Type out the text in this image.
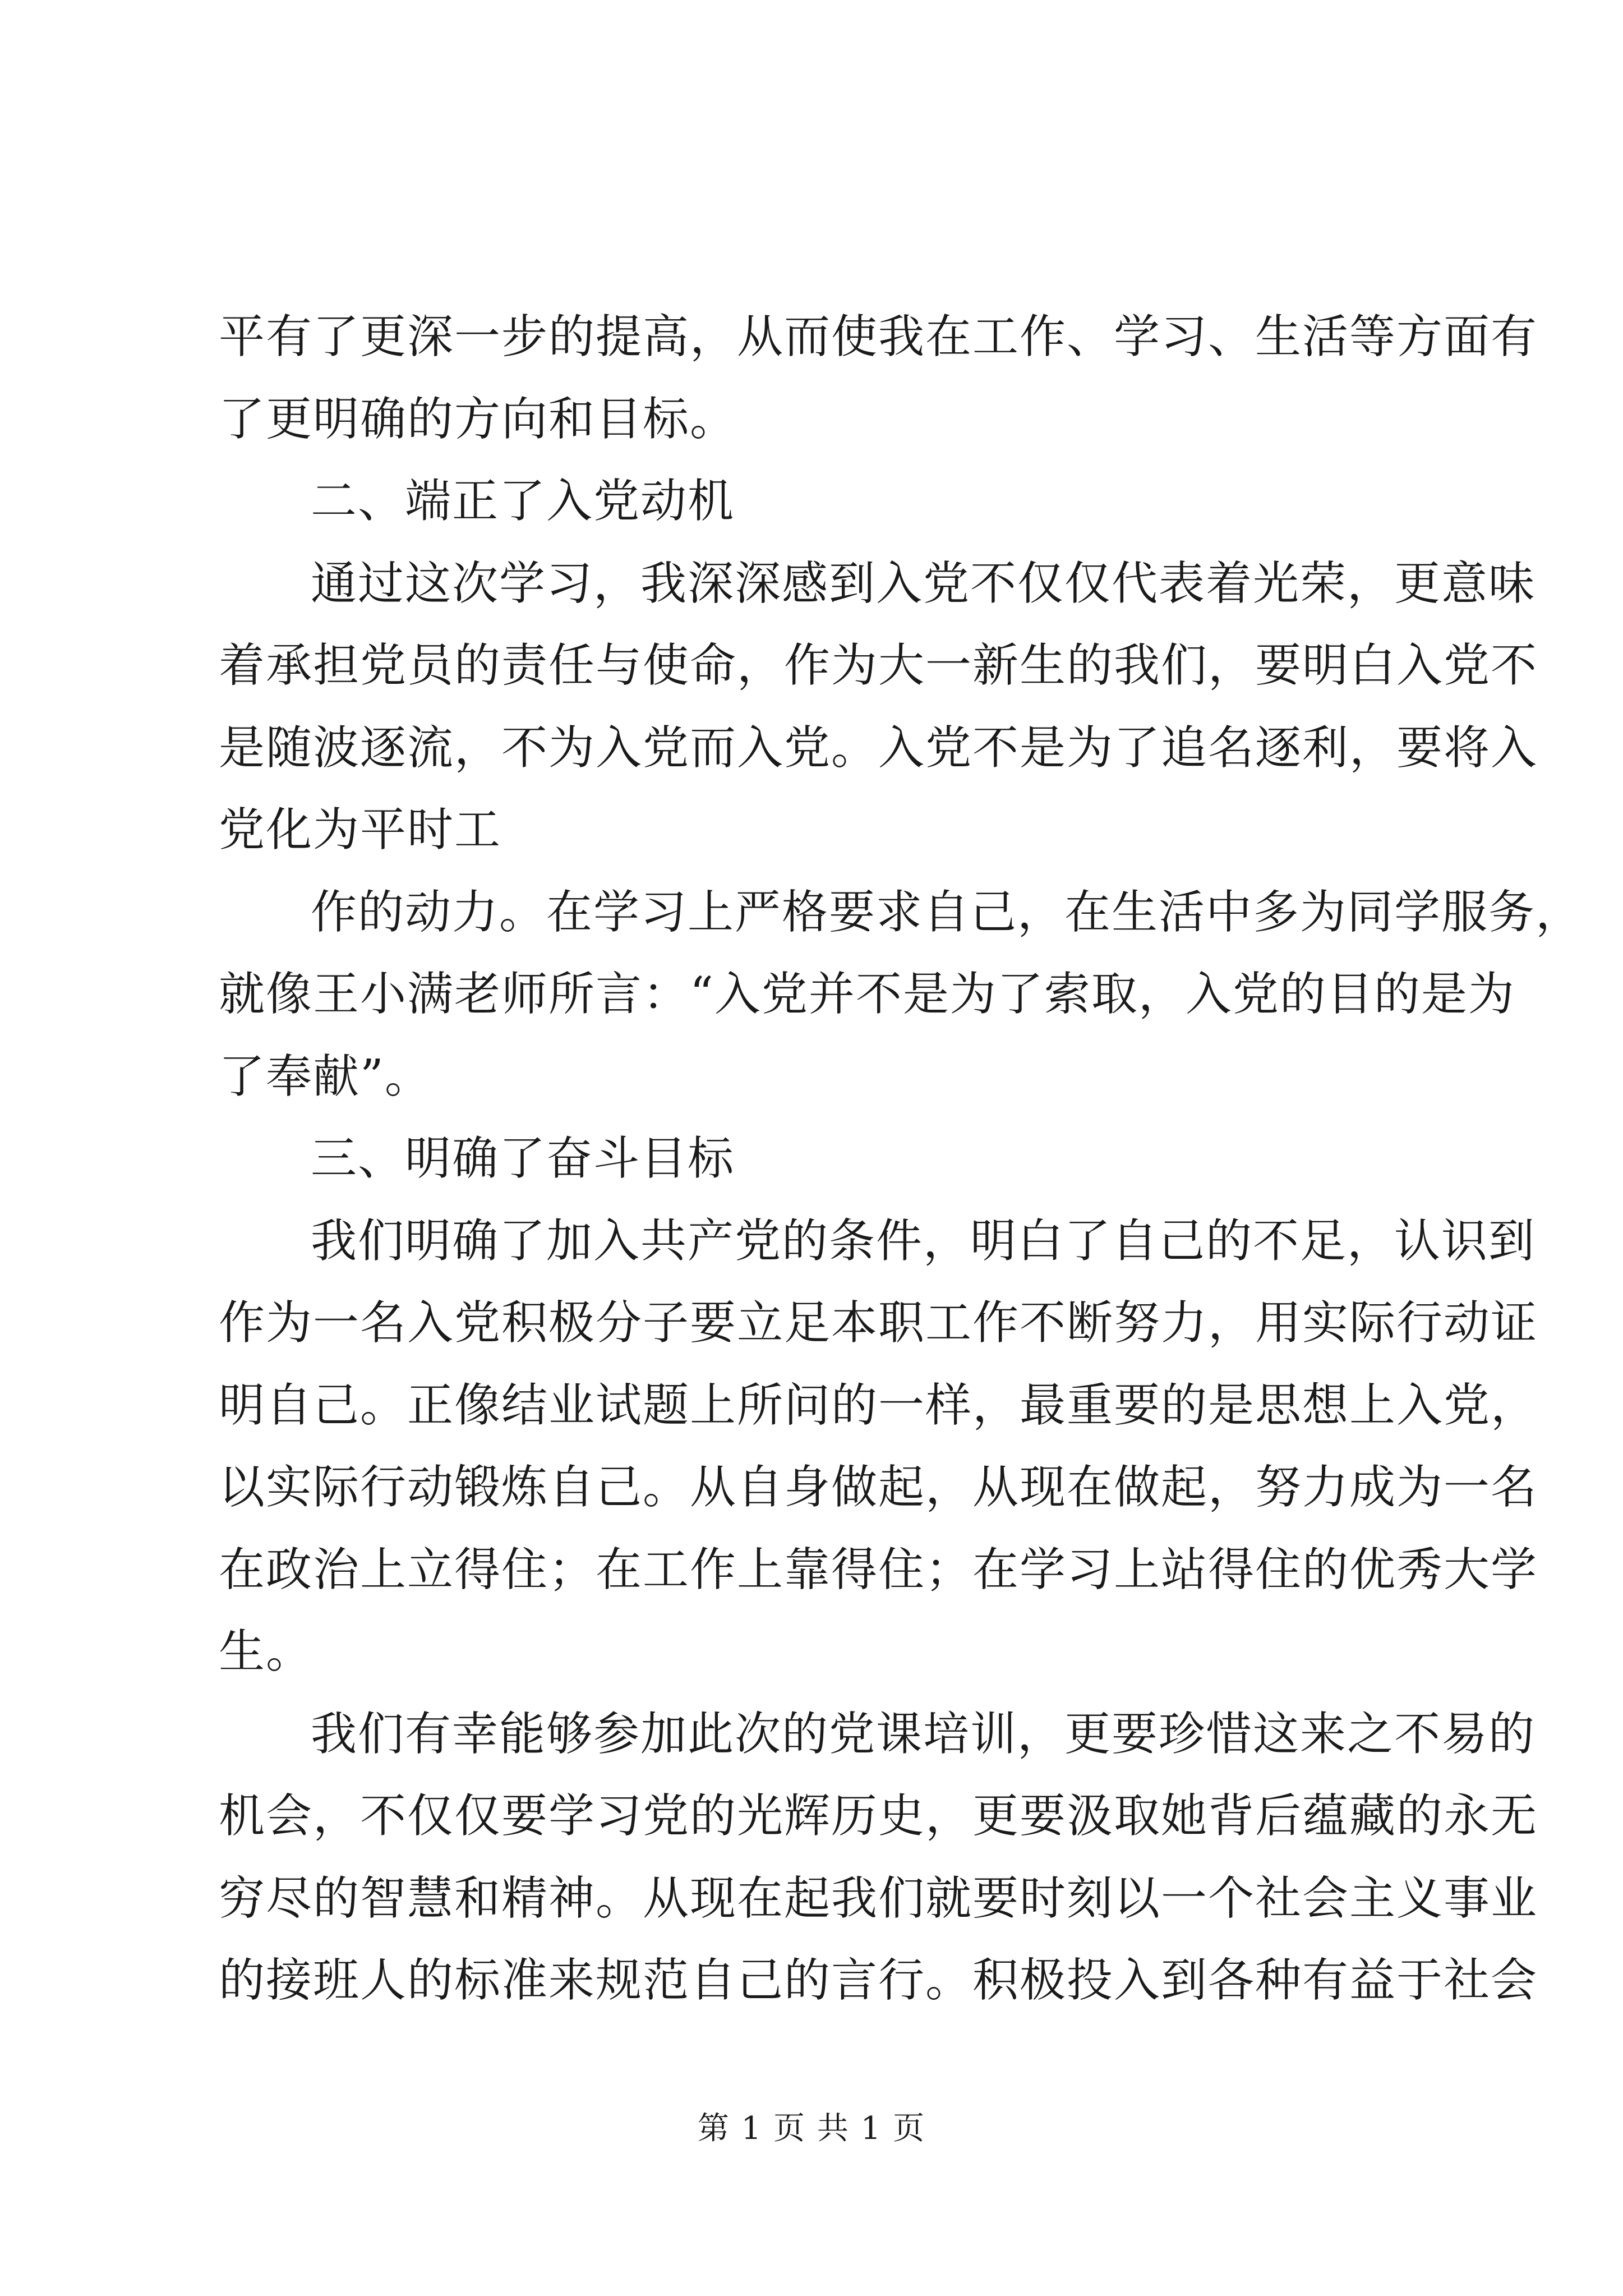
平有了更深一步的提高，从而使我在工作、学习、生活等方面有
了更明确的方向和目标。
二、端正了入党动机
通过这次学习，我深深感到入党不仅仅代表着光荣，更意味
着承担党员的责任与使命，作为大一新生的我们，要明白入党不
是随波逐流，不为入党而入党。入党不是为了追名逐利，要将入
党化为平时工
作的动力。在学习上严格要求自己，在生活中多为同学服务，
就像王小满老师所言：“入党并不是为了索取，入党的目的是为
了奉献”。
三、明确了奋斗目标
我们明确了加入共产党的条件，明白了自己的不足，认识到
作为一名入党积极分子要立足本职工作不断努力，用实际行动证
明自己。正像结业试题上所问的一样，最重要的是思想上入党，
以实际行动锻炼自己。从自身做起，从现在做起，努力成为一名
在政治上立得住；在工作上靠得住；在学习上站得住的优秀大学
生。
我们有幸能够参加此次的党课培训，更要珍惜这来之不易的
机会，不仅仅要学习党的光辉历史，更要汲取她背后蕴藏的永无
穷尽的智慧和精神。从现在起我们就要时刻以一个社会主义事业
的接班人的标准来规范自己的言行。积极投入到各种有益于社会
第 1 页 共 1 页
